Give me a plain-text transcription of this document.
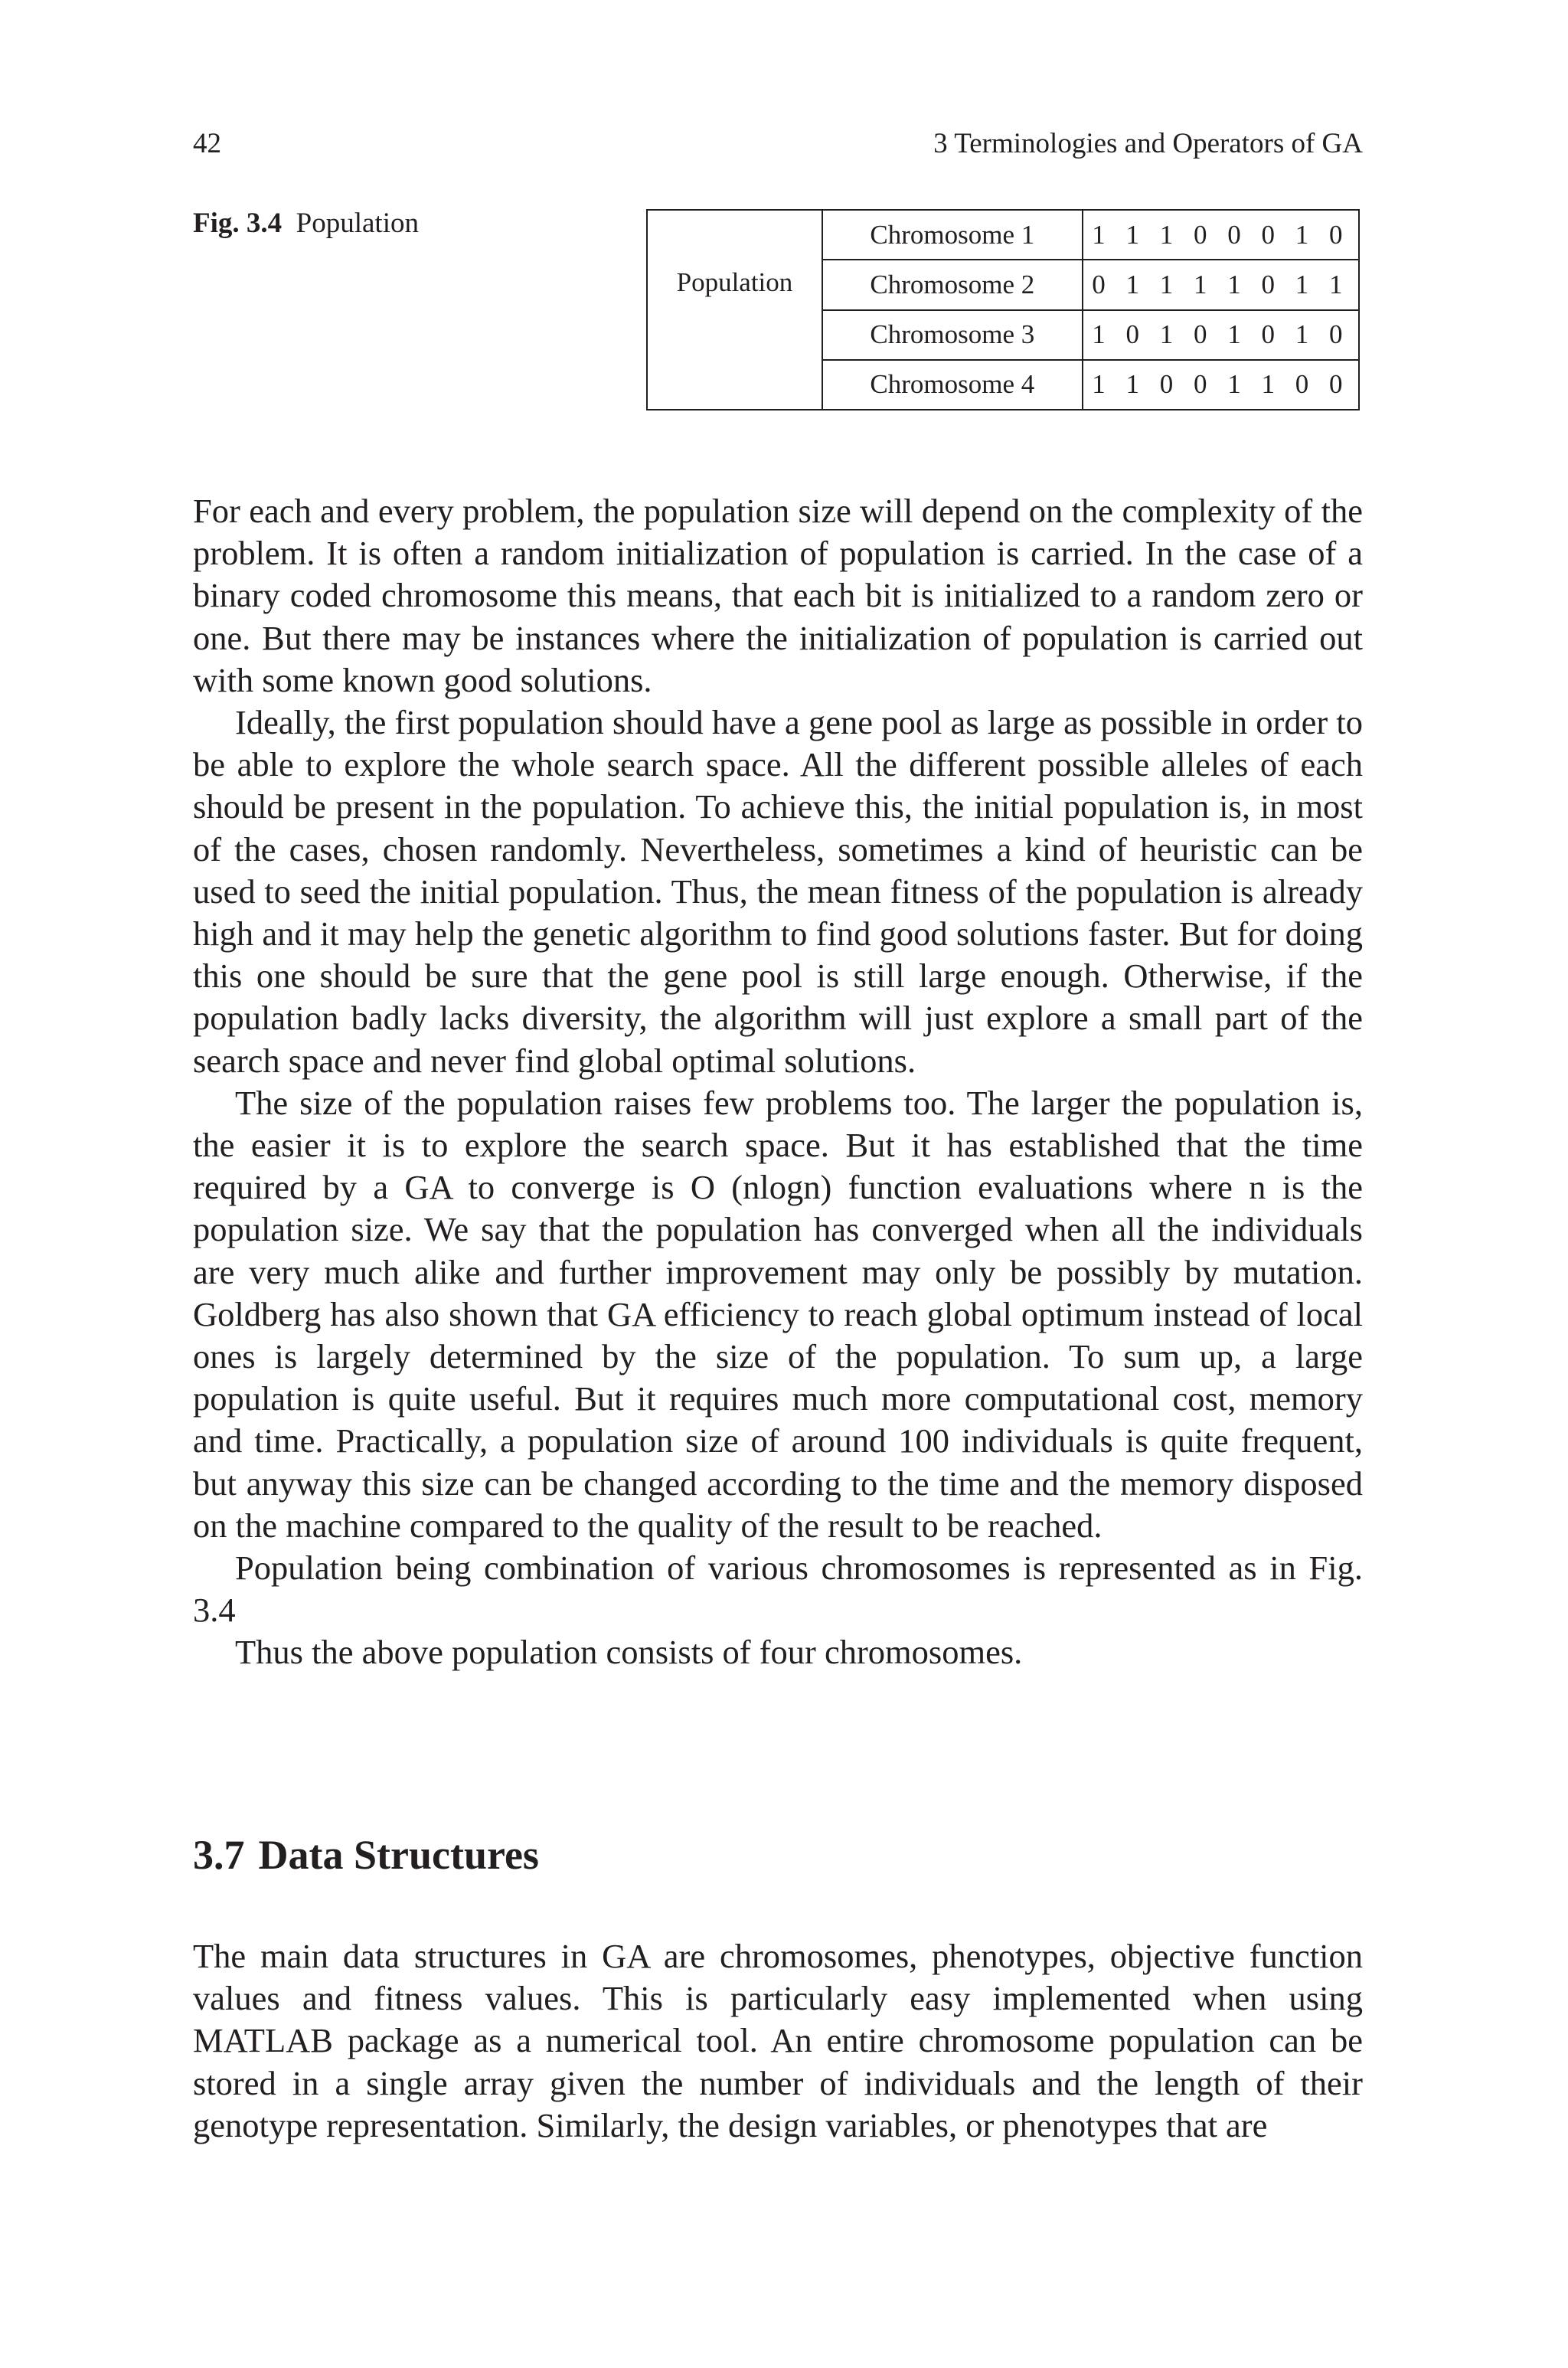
42	3 Terminologies and Operators of GA
Fig. 3.4 Population
Population	Chromosome 1	1 1 1 0 0 0 1 0
	Chromosome 2	0 1 1 1 1 0 1 1
	Chromosome 3	1 0 1 0 1 0 1 0
	Chromosome 4	1 1 0 0 1 1 0 0

For each and every problem, the population size will depend on the complexity of the problem. It is often a random initialization of population is carried. In the case of a binary coded chromosome this means, that each bit is initialized to a random zero or one. But there may be instances where the initialization of population is carried out with some known good solutions.

Ideally, the first population should have a gene pool as large as possible in order to be able to explore the whole search space. All the different possible alleles of each should be present in the population. To achieve this, the initial population is, in most of the cases, chosen randomly. Nevertheless, sometimes a kind of heuristic can be used to seed the initial population. Thus, the mean fitness of the population is already high and it may help the genetic algorithm to find good solutions faster. But for doing this one should be sure that the gene pool is still large enough. Otherwise, if the population badly lacks diversity, the algorithm will just explore a small part of the search space and never find global optimal solutions.

The size of the population raises few problems too. The larger the population is, the easier it is to explore the search space. But it has established that the time required by a GA to converge is O (nlogn) function evaluations where n is the population size. We say that the population has converged when all the individuals are very much alike and further improvement may only be possibly by mutation. Goldberg has also shown that GA efficiency to reach global optimum instead of local ones is largely determined by the size of the population. To sum up, a large population is quite useful. But it requires much more computational cost, memory and time. Practically, a population size of around 100 individuals is quite frequent, but anyway this size can be changed according to the time and the memory disposed on the machine compared to the quality of the result to be reached.

Population being combination of various chromosomes is represented as in Fig. 3.4

Thus the above population consists of four chromosomes.

3.7 Data Structures

The main data structures in GA are chromosomes, phenotypes, objective function values and fitness values. This is particularly easy implemented when using MATLAB package as a numerical tool. An entire chromosome population can be stored in a single array given the number of individuals and the length of their genotype representation. Similarly, the design variables, or phenotypes that are
